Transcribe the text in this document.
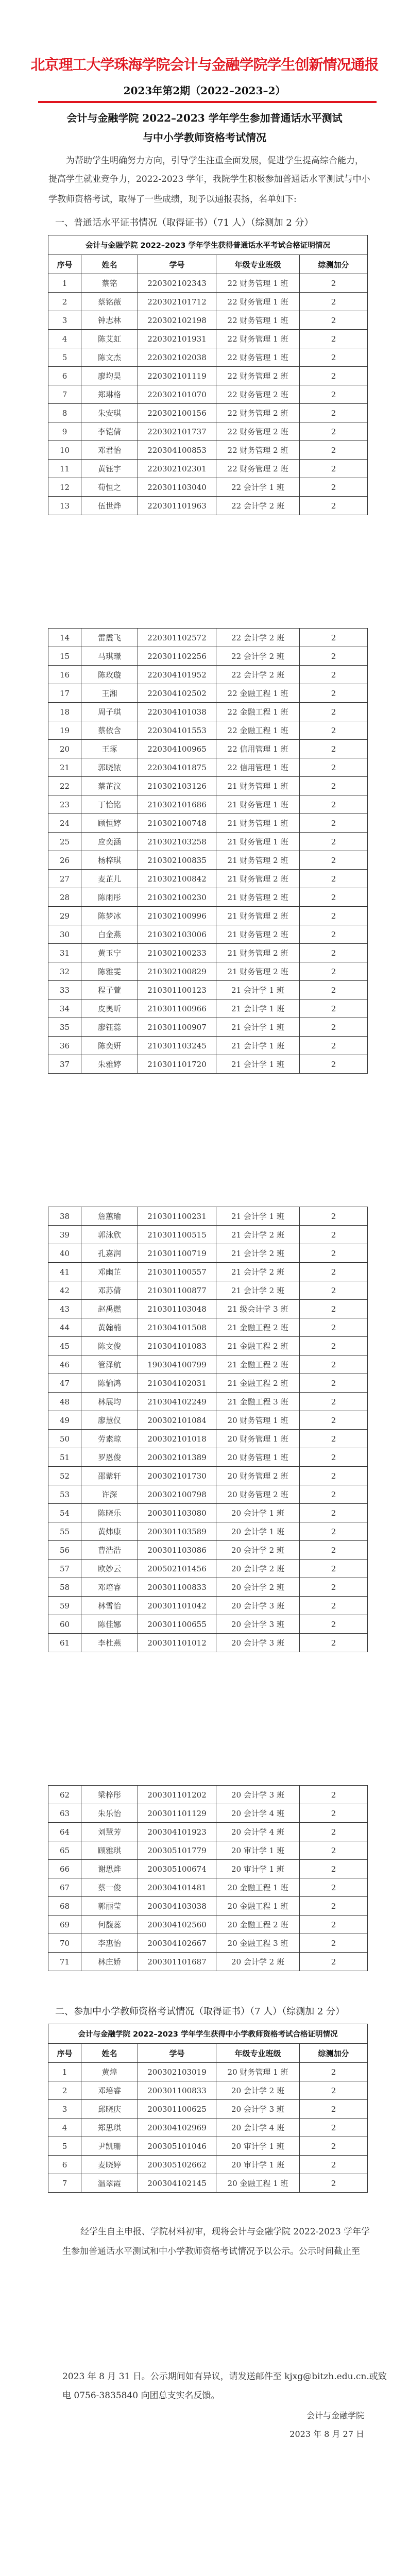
北京理工大学珠海学院会计与金融学院学生创新情况通报
2023年第2期（2022–2023–2）
会计与金融学院 2022–2023 学年学生参加普通话水平测试
与中小学教师资格考试情况
为帮助学生明确努力方向，引导学生注重全面发展，促进学生提高综合能力，
提高学生就业竞争力，2022-2023 学年，我院学生积极参加普通话水平测试与中小
学教师资格考试，取得了一些成绩，现予以通报表扬，名单如下:
一、普通话水平证书情况（取得证书）（71 人）（综测加 2 分）
会计与金融学院 2022–2023 学年学生获得普通话水平考试合格证明情况				
序号	姓名	学号	年级专业班级	综测加分
1	蔡铭	220302102343	22 财务管理 1 班	2
2	蔡铭薇	220302101712	22 财务管理 1 班	2
3	钟志林	220302102198	22 财务管理 1 班	2
4	陈艾虹	220302101931	22 财务管理 1 班	2
5	陈文杰	220302102038	22 财务管理 1 班	2
6	廖均昊	220302101119	22 财务管理 2 班	2
7	郑琳格	220302101070	22 财务管理 2 班	2
8	朱安琪	220302100156	22 财务管理 2 班	2
9	李铠倩	220302101737	22 财务管理 2 班	2
10	邓君怡	220304100853	22 财务管理 2 班	2
11	黄钰宇	220302102301	22 财务管理 2 班	2
12	荀恒之	220301103040	22 会计学 1 班	2
13	伍世烨	220301101963	22 会计学 2 班	2
14	雷震飞	220301102572	22 会计学 2 班	2
15	马琪璟	220301102256	22 会计学 2 班	2
16	陈玫璇	220304101952	22 会计学 2 班	2
17	王湘	220304102502	22 金融工程 1 班	2
18	周子琪	220304101038	22 金融工程 1 班	2
19	蔡依含	220304101553	22 金融工程 1 班	2
20	王琢	220304100965	22 信用管理 1 班	2
21	郭晓铱	220304101875	22 信用管理 1 班	2
22	蔡芷汶	210302103126	21 财务管理 1 班	2
23	丁怡铭	210302101686	21 财务管理 1 班	2
24	顾恒婷	210302100748	21 财务管理 1 班	2
25	应奕涵	210302103258	21 财务管理 1 班	2
26	杨梓琪	210302100835	21 财务管理 2 班	2
27	麦芷儿	210302100842	21 财务管理 2 班	2
28	陈雨彤	210302100230	21 财务管理 2 班	2
29	陈梦冰	210302100996	21 财务管理 2 班	2
30	白金燕	210302103006	21 财务管理 2 班	2
31	黄玉宁	210302100233	21 财务管理 2 班	2
32	陈雅雯	210302100829	21 财务管理 2 班	2
33	程子萱	210301100123	21 会计学 1 班	2
34	皮奥昕	210301100966	21 会计学 1 班	2
35	廖钰蕊	210301100907	21 会计学 1 班	2
36	陈奕妍	210301103245	21 会计学 1 班	2
37	朱雅婷	210301101720	21 会计学 1 班	2
38	詹蕙瑜	210301100231	21 会计学 1 班	2
39	郭泳欣	210301100515	21 会计学 2 班	2
40	孔嘉润	210301100719	21 会计学 2 班	2
41	邓幽芷	210301100557	21 会计学 2 班	2
42	邓苏倩	210301100877	21 会计学 2 班	2
43	赵禹燃	210301103048	21 级会计学 3 班	2
44	黄翰楠	210304101508	21 金融工程 2 班	2
45	陈文俊	210304101083	21 金融工程 2 班	2
46	管泽航	190304100799	21 金融工程 2 班	2
47	陈愉鸿	210304102031	21 金融工程 2 班	2
48	林展均	210304102249	21 金融工程 3 班	2
49	廖慧仪	200302101084	20 财务管理 1 班	2
50	劳素琼	200302101018	20 财务管理 1 班	2
51	罗恩俊	200302101389	20 财务管理 1 班	2
52	邵紫轩	200302101730	20 财务管理 2 班	2
53	许深	200302100798	20 财务管理 2 班	2
54	陈晓乐	200301103080	20 会计学 1 班	2
55	黄炜康	200301103589	20 会计学 1 班	2
56	曹浩浩	200301103086	20 会计学 2 班	2
57	欧妙云	200502101456	20 会计学 2 班	2
58	邓培睿	200301100833	20 会计学 2 班	2
59	林雪怡	200301101042	20 会计学 3 班	2
60	陈佳娜	200301100655	20 会计学 3 班	2
61	李杜燕	200301101012	20 会计学 3 班	2
62	梁梓彤	200301101202	20 会计学 3 班	2
63	朱乐怡	200301101129	20 会计学 4 班	2
64	刘慧芳	200304101923	20 会计学 4 班	2
65	顾雅琪	200305101779	20 审计学 1 班	2
66	谢思烨	200305100674	20 审计学 1 班	2
67	蔡一俊	200304101481	20 金融工程 1 班	2
68	郭丽莹	200304103038	20 金融工程 1 班	2
69	何馥蕊	200304102560	20 金融工程 2 班	2
70	李惠怡	200304102667	20 金融工程 3 班	2
71	林庄娇	200301101687	20 会计学 2 班	2
二、参加中小学教师资格考试情况（取得证书）（7 人）（综测加 2 分）
会计与金融学院 2022–2023 学年学生获得中小学教师资格考试合格证明情况				
序号	姓名	学号	年级专业班级	综测加分
1	黄煌	200302103019	20 财务管理 1 班	2
2	邓培睿	200301100833	20 会计学 2 班	2
3	邱晓庆	200301100625	20 会计学 3 班	2
4	郑思琪	200304102969	20 会计学 4 班	2
5	尹凯珊	200305101046	20 审计学 1 班	2
6	麦晓婷	200305102662	20 审计学 1 班	2
7	温翠霞	200304102145	20 金融工程 1 班	2
经学生自主申报、学院材料初审，现将会计与金融学院 2022-2023 学年学
生参加普通话水平测试和中小学教师资格考试情况予以公示。公示时间截止至
2023 年 8 月 31 日。公示期间如有异议，请发送邮件至 kjxg@bitzh.edu.cn.或致
电 0756-3835840 向团总支实名反馈。
会计与金融学院
2023 年 8 月 27 日
